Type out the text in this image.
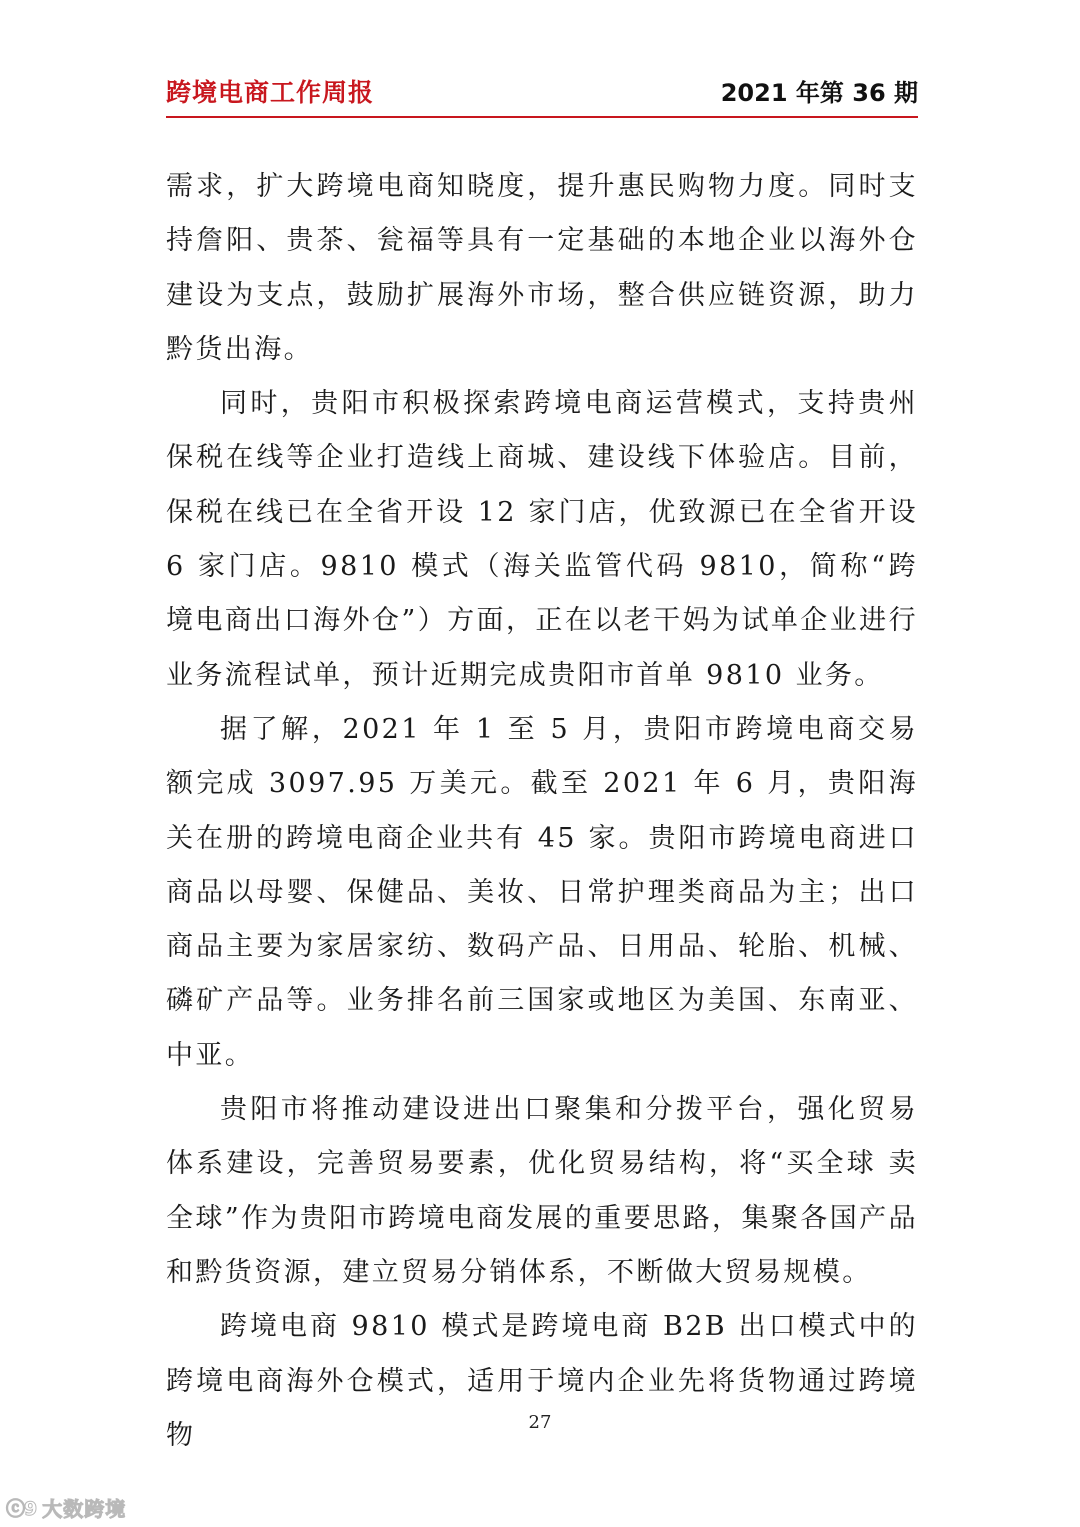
跨境电商工作周报	2021 年第 36 期

需求，扩大跨境电商知晓度，提升惠民购物力度。同时支持詹阳、贵茶、瓮福等具有一定基础的本地企业以海外仓建设为支点，鼓励扩展海外市场，整合供应链资源，助力黔货出海。

同时，贵阳市积极探索跨境电商运营模式，支持贵州保税在线等企业打造线上商城、建设线下体验店。目前，保税在线已在全省开设 12 家门店，优致源已在全省开设 6 家门店。9810 模式（海关监管代码 9810，简称“跨境电商出口海外仓”）方面，正在以老干妈为试单企业进行业务流程试单，预计近期完成贵阳市首单 9810 业务。

据了解，2021 年 1 至 5 月，贵阳市跨境电商交易额完成 3097.95 万美元。截至 2021 年 6 月，贵阳海关在册的跨境电商企业共有 45 家。贵阳市跨境电商进口商品以母婴、保健品、美妆、日常护理类商品为主；出口商品主要为家居家纺、数码产品、日用品、轮胎、机械、磷矿产品等。业务排名前三国家或地区为美国、东南亚、中亚。

贵阳市将推动建设进出口聚集和分拨平台，强化贸易体系建设，完善贸易要素，优化贸易结构，将“买全球 卖全球”作为贵阳市跨境电商发展的重要思路，集聚各国产品和黔货资源，建立贸易分销体系，不断做大贸易规模。

跨境电商 9810 模式是跨境电商 B2B 出口模式中的跨境电商海外仓模式，适用于境内企业先将货物通过跨境物	27
ⓒ9 大数跨境
